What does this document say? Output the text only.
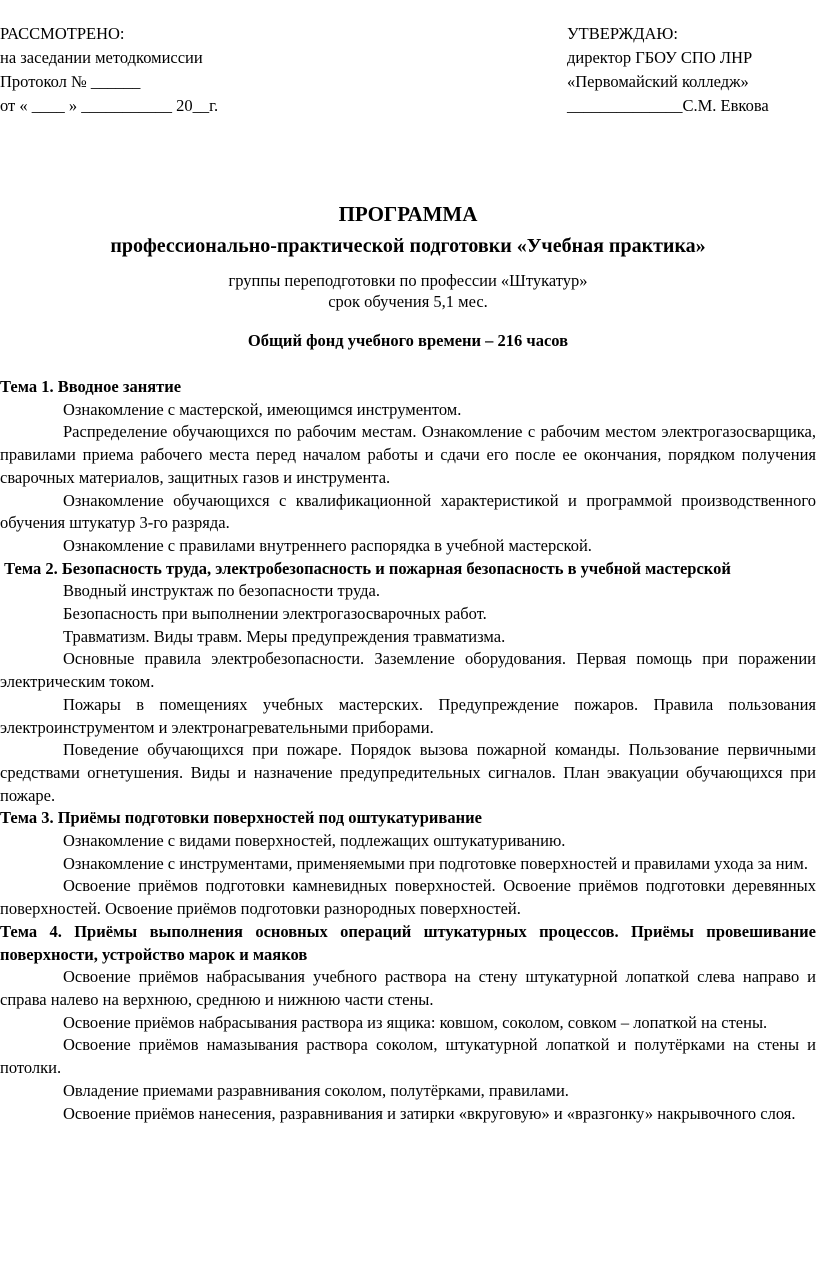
РАССМОТРЕНО:
на заседании методкомиссии
Протокол № ______
от « ____ » ___________ 20__г.
УТВЕРЖДАЮ:
директор ГБОУ СПО ЛНР
«Первомайский колледж»
______________С.М. Евкова
ПРОГРАММА
профессионально-практической подготовки «Учебная практика»
группы переподготовки по профессии «Штукатур»
срок обучения 5,1 мес.
Общий фонд учебного времени – 216 часов

Тема 1. Вводное занятие

Ознакомление с мастерской, имеющимся инструментом.

Распределение обучающихся по рабочим местам. Ознакомление с рабочим местом электрогазосварщика, правилами приема рабочего места перед началом работы и сдачи его после ее окончания, порядком получения сварочных материалов, защитных газов и инструмента.

Ознакомление обучающихся с квалификационной характеристикой и программой производственного обучения штукатур 3-го разряда.

Ознакомление с правилами внутреннего распорядка в учебной мастерской.

Тема 2. Безопасность труда, электробезопасность и пожарная безопасность в учебной мастерской

Вводный инструктаж по безопасности труда.

Безопасность при выполнении электрогазосварочных работ.

Травматизм. Виды травм. Меры предупреждения травматизма.

Основные правила электробезопасности. Заземление оборудования. Первая помощь при поражении электрическим током.

Пожары в помещениях учебных мастерских. Предупреждение пожаров. Правила пользования электроинструментом и электронагревательными приборами.

Поведение обучающихся при пожаре. Порядок вызова пожарной команды. Пользование первичными средствами огнетушения. Виды и назначение предупредительных сигналов. План эвакуации обучающихся при пожаре.

Тема 3. Приёмы подготовки поверхностей под оштукатуривание

Ознакомление с видами поверхностей, подлежащих оштукатуриванию.

Ознакомление с инструментами, применяемыми при подготовке поверхностей и правилами ухода за ним.

Освоение приёмов подготовки камневидных поверхностей. Освоение приёмов подготовки деревянных поверхностей. Освоение приёмов подготовки разнородных поверхностей.

Тема 4. Приёмы выполнения основных операций штукатурных процессов. Приёмы провешивание поверхности, устройство марок и маяков

Освоение приёмов набрасывания учебного раствора на стену штукатурной лопаткой слева направо и справа налево на верхнюю, среднюю и нижнюю части стены.

Освоение приёмов набрасывания раствора из ящика: ковшом, соколом, совком – лопаткой на стены.

Освоение приёмов намазывания раствора соколом, штукатурной лопаткой и полутёрками на стены и потолки.

Овладение приемами разравнивания соколом, полутёрками, правилами.

Освоение приёмов нанесения, разравнивания и затирки «вкруговую» и «вразгонку» накрывочного слоя.
